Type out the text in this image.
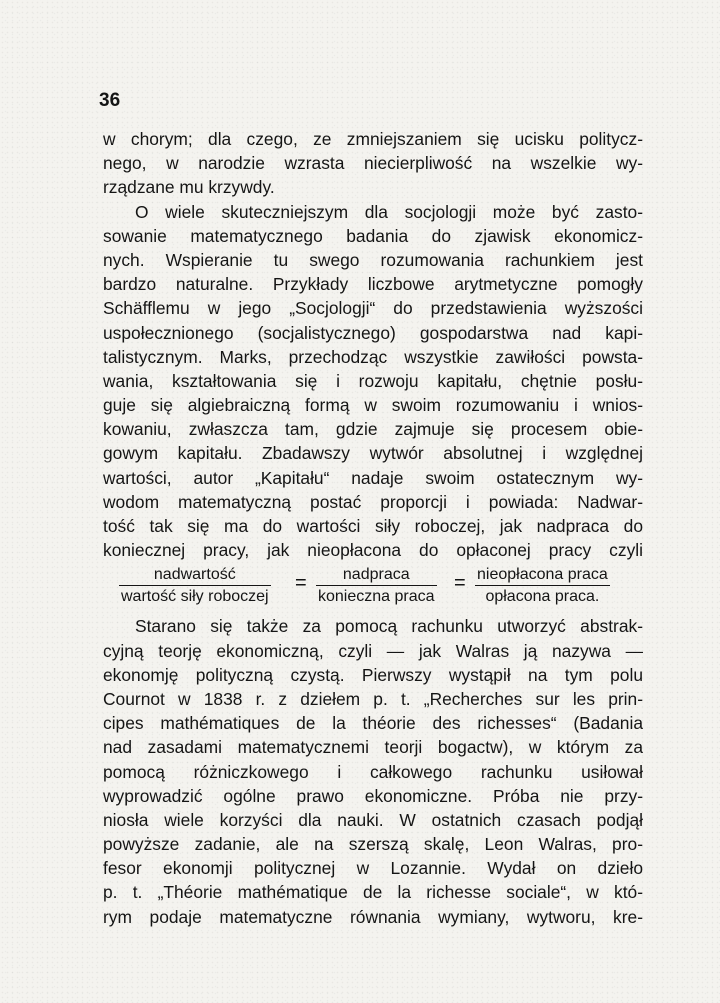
36
w chorym; dla czego, ze zmniejszaniem się ucisku politycz-
nego, w narodzie wzrasta niecierpliwość na wszelkie wy-
rządzane mu krzywdy.
O wiele skuteczniejszym dla socjologji może być zasto-
sowanie matematycznego badania do zjawisk ekonomicz-
nych. Wspieranie tu swego rozumowania rachunkiem jest
bardzo naturalne. Przykłady liczbowe arytmetyczne pomogły
Schäfflemu w jego „Socjologji“ do przedstawienia wyższości
uspołecznionego (socjalistycznego) gospodarstwa nad kapi-
talistycznym. Marks, przechodząc wszystkie zawiłości powsta-
wania, kształtowania się i rozwoju kapitału, chętnie posłu-
guje się algiebraiczną formą w swoim rozumowaniu i wnios-
kowaniu, zwłaszcza tam, gdzie zajmuje się procesem obie-
gowym kapitału. Zbadawszy wytwór absolutnej i względnej
wartości, autor „Kapitału“ nadaje swoim ostatecznym wy-
wodom matematyczną postać proporcji i powiada: Nadwar-
tość tak się ma do wartości siły roboczej, jak nadpraca do
koniecznej pracy, jak nieopłacona do opłaconej pracy czyli
nadwartość
wartość siły roboczej
=	nadpraca
konieczna praca
= nieopłacona praca
opłacona praca.
Starano się także za pomocą rachunku utworzyć abstrak-
cyjną teorję ekonomiczną, czyli — jak Walras ją nazywa —
ekonomję polityczną czystą. Pierwszy wystąpił na tym polu
Cournot w 1838 r. z dziełem p. t. „Recherches sur les prin-
cipes mathématiques de la théorie des richesses“ (Badania
nad zasadami matematycznemi teorji bogactw), w którym za
pomocą różniczkowego i całkowego rachunku usiłował
wyprowadzić ogólne prawo ekonomiczne. Próba nie przy-
niosła wiele korzyści dla nauki. W ostatnich czasach podjął
powyższe zadanie, ale na szerszą skalę, Leon Walras, pro-
fesor ekonomji politycznej w Lozannie. Wydał on dzieło
p. t. „Théorie mathématique de la richesse sociale“, w któ-
rym podaje matematyczne równania wymiany, wytworu, kre-
